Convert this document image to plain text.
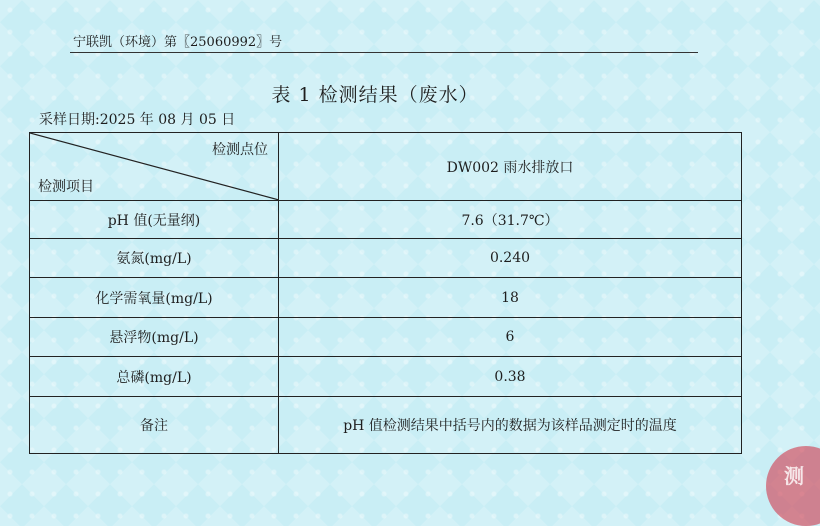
宁联凯（环境）第〖25060992〗号
表 1 检测结果（废水）
采样日期:2025 年 08 月 05 日
检测点位
检测项目	DW002 雨水排放口
pH 值(无量纲)	7.6（31.7℃）
氨氮(mg/L)	0.240
化学需氧量(mg/L)	18
悬浮物(mg/L)	6
总磷(mg/L)	0.38
备注	pH 值检测结果中括号内的数据为该样品测定时的温度
测
